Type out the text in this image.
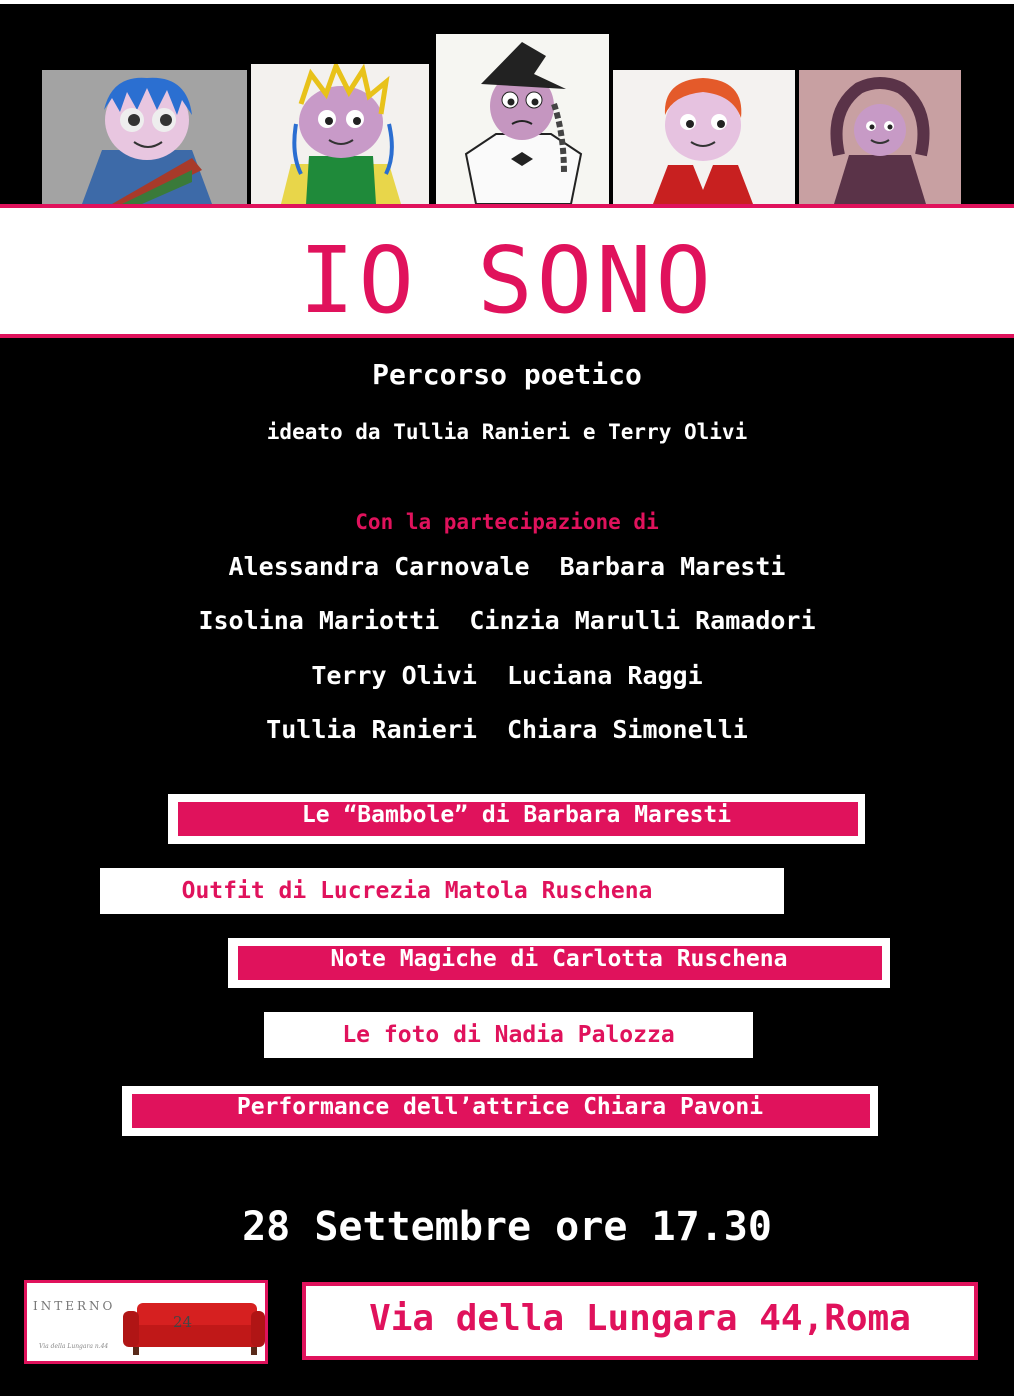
IO SONO
Percorso poetico
ideato da Tullia Ranieri e Terry Olivi
Con la partecipazione di
Alessandra Carnovale  Barbara Maresti
Isolina Mariotti  Cinzia Marulli Ramadori
Terry Olivi  Luciana Raggi
Tullia Ranieri  Chiara Simonelli
Le “Bambole” di Barbara Maresti
Outfit di Lucrezia Matola Ruschena
Note Magiche di Carlotta Ruschena
Le foto di Nadia Palozza
Performance dell’attrice Chiara Pavoni
28 Settembre ore 17.30
INTERNO
24
Via della Lungara n.44
Via della Lungara 44,Roma
